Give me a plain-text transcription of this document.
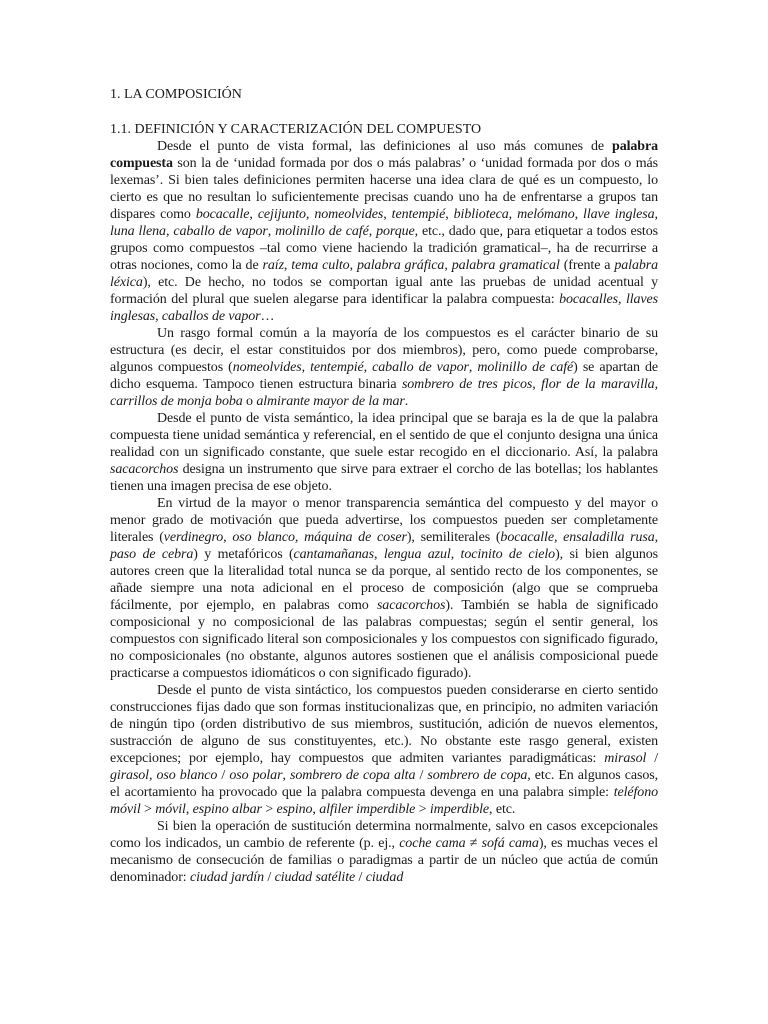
1. LA COMPOSICIÓN
1.1. DEFINICIÓN Y CARACTERIZACIÓN DEL COMPUESTO

Desde el punto de vista formal, las definiciones al uso más comunes de palabra compuesta son la de ‘unidad formada por dos o más palabras’ o ‘unidad formada por dos o más lexemas’. Si bien tales definiciones permiten hacerse una idea clara de qué es un compuesto, lo cierto es que no resultan lo suficientemente precisas cuando uno ha de enfrentarse a grupos tan dispares como bocacalle, cejijunto, nomeolvides, tentempié, biblioteca, melómano, llave inglesa, luna llena, caballo de vapor, molinillo de café, porque, etc., dado que, para etiquetar a todos estos grupos como compuestos –tal como viene haciendo la tradición gramatical–, ha de recurrirse a otras nociones, como la de raíz, tema culto, palabra gráfica, palabra gramatical (frente a palabra léxica), etc. De hecho, no todos se comportan igual ante las pruebas de unidad acentual y formación del plural que suelen alegarse para identificar la palabra compuesta: bocacalles, llaves inglesas, caballos de vapor…

Un rasgo formal común a la mayoría de los compuestos es el carácter binario de su estructura (es decir, el estar constituidos por dos miembros), pero, como puede comprobarse, algunos compuestos (nomeolvides, tentempié, caballo de vapor, molinillo de café) se apartan de dicho esquema. Tampoco tienen estructura binaria sombrero de tres picos, flor de la maravilla, carrillos de monja boba o almirante mayor de la mar.

Desde el punto de vista semántico, la idea principal que se baraja es la de que la palabra compuesta tiene unidad semántica y referencial, en el sentido de que el conjunto designa una única realidad con un significado constante, que suele estar recogido en el diccionario. Así, la palabra sacacorchos designa un instrumento que sirve para extraer el corcho de las botellas; los hablantes tienen una imagen precisa de ese objeto.

En virtud de la mayor o menor transparencia semántica del compuesto y del mayor o menor grado de motivación que pueda advertirse, los compuestos pueden ser completamente literales (verdinegro, oso blanco, máquina de coser), semiliterales (bocacalle, ensaladilla rusa, paso de cebra) y metafóricos (cantamañanas, lengua azul, tocinito de cielo), si bien algunos autores creen que la literalidad total nunca se da porque, al sentido recto de los componentes, se añade siempre una nota adicional en el proceso de composición (algo que se comprueba fácilmente, por ejemplo, en palabras como sacacorchos). También se habla de significado composicional y no composicional de las palabras compuestas; según el sentir general, los compuestos con significado literal son composicionales y los compuestos con significado figurado, no composicionales (no obstante, algunos autores sostienen que el análisis composicional puede practicarse a compuestos idiomáticos o con significado figurado).

Desde el punto de vista sintáctico, los compuestos pueden considerarse en cierto sentido construcciones fijas dado que son formas institucionalizas que, en principio, no admiten variación de ningún tipo (orden distributivo de sus miembros, sustitución, adición de nuevos elementos, sustracción de alguno de sus constituyentes, etc.). No obstante este rasgo general, existen excepciones; por ejemplo, hay compuestos que admiten variantes paradigmáticas: mirasol / girasol, oso blanco / oso polar, sombrero de copa alta / sombrero de copa, etc. En algunos casos, el acortamiento ha provocado que la palabra compuesta devenga en una palabra simple: teléfono móvil > móvil, espino albar > espino, alfiler imperdible > imperdible, etc.

Si bien la operación de sustitución determina normalmente, salvo en casos excepcionales como los indicados, un cambio de referente (p. ej., coche cama ≠ sofá cama), es muchas veces el mecanismo de consecución de familias o paradigmas a partir de un núcleo que actúa de común denominador: ciudad jardín / ciudad satélite / ciudad
